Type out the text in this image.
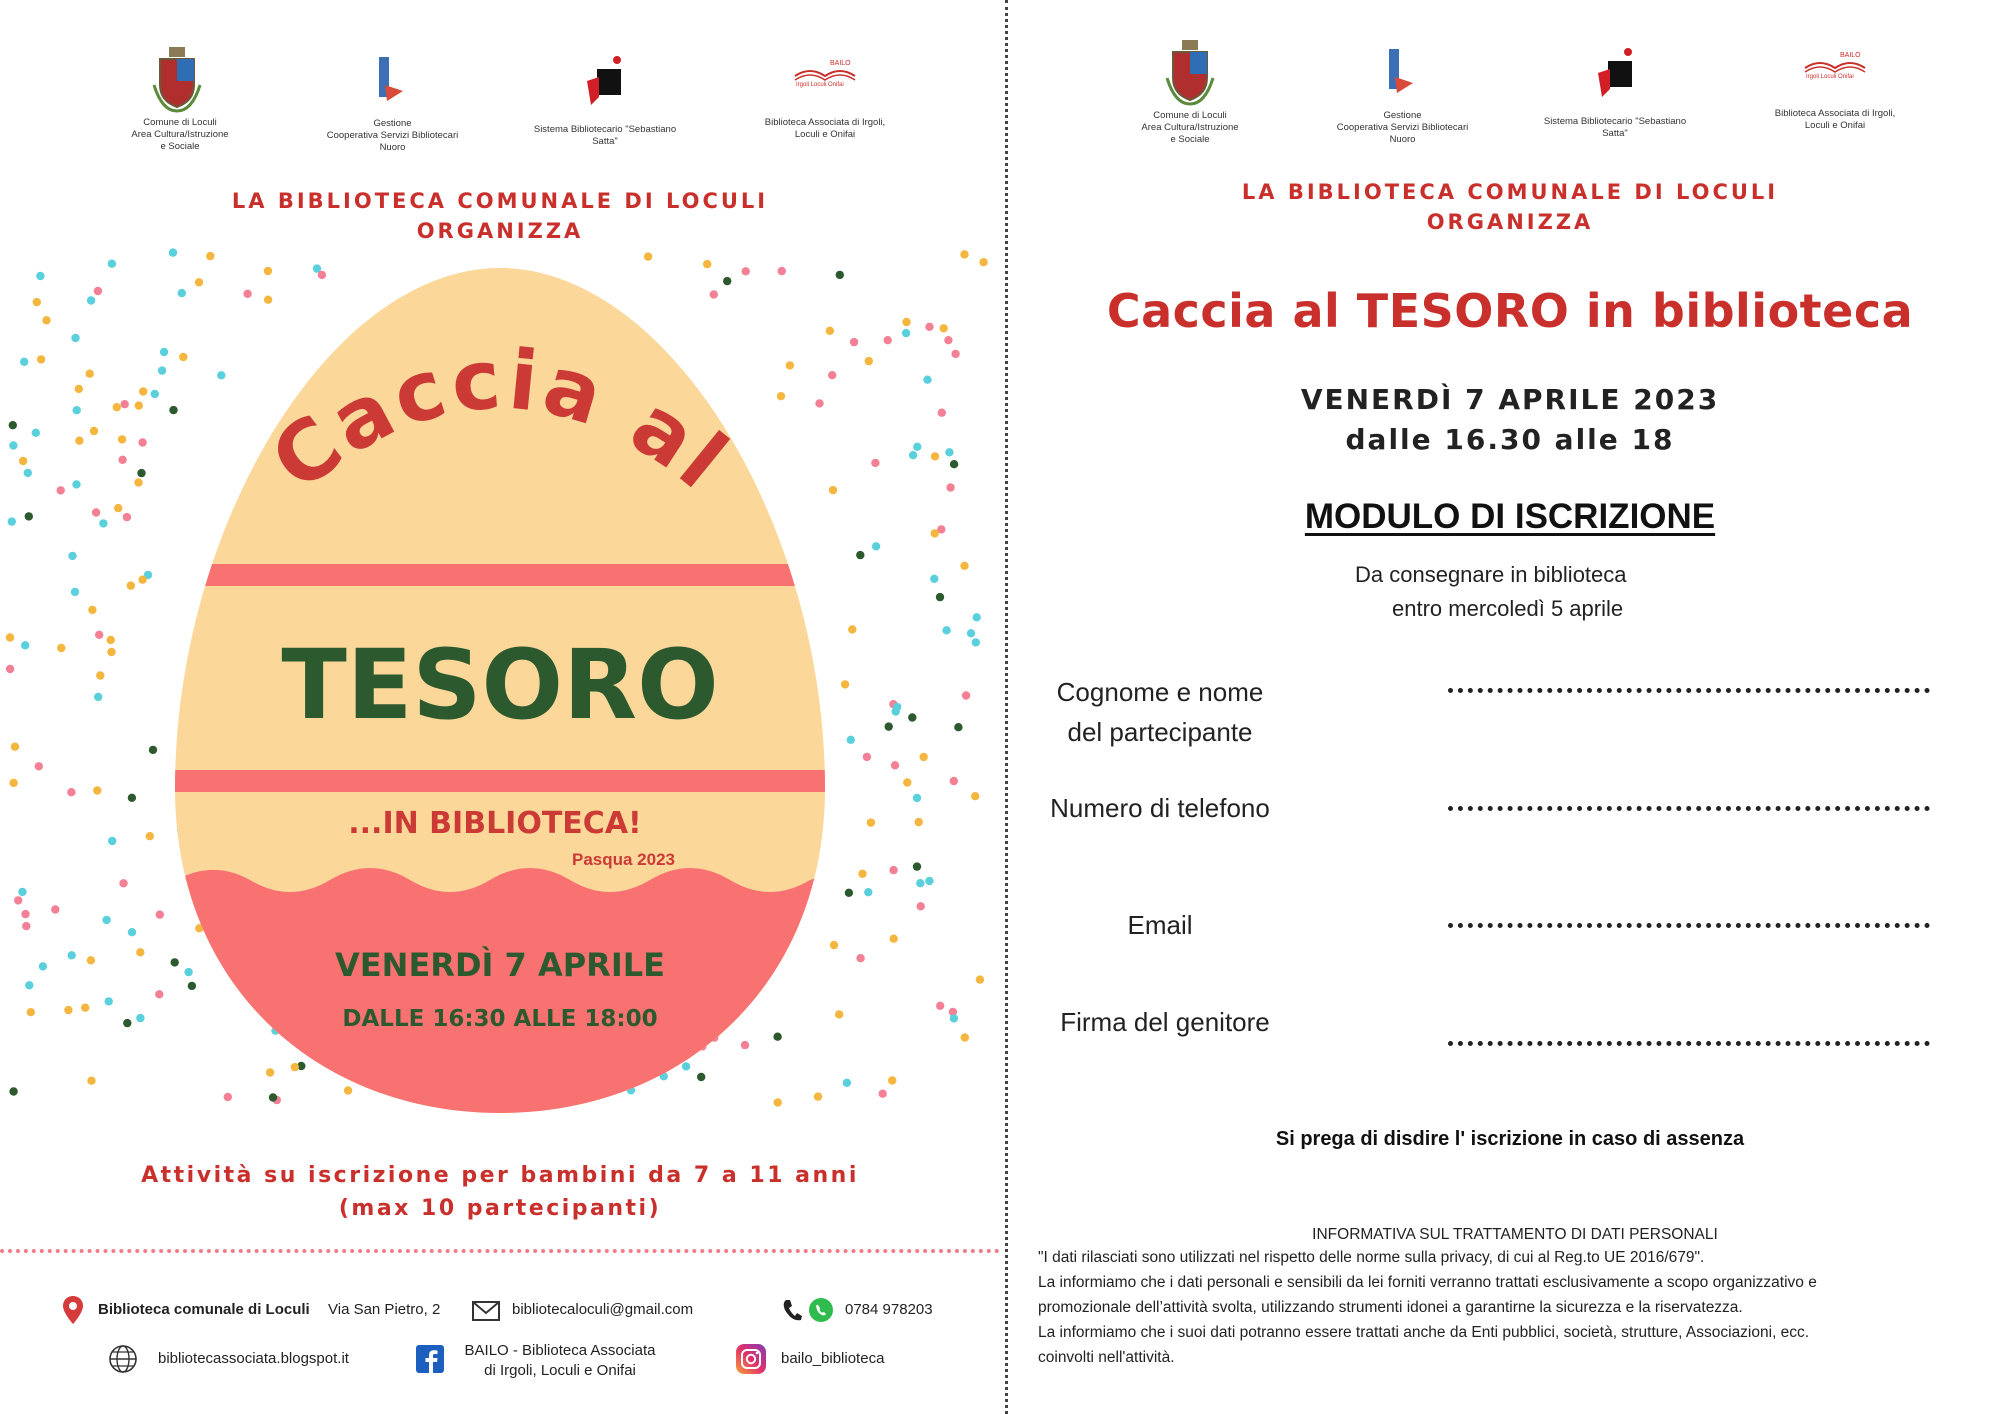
BAILO
Irgoli Loculi Onifai
Comune di Loculi
Area Cultura/Istruzione
e Sociale
Gestione
Cooperativa Servizi Bibliotecari
Nuoro
Sistema Bibliotecario "Sebastiano
Satta"
Biblioteca Associata di Irgoli,
Loculi e Onifai
LA BIBLIOTECA COMUNALE DI LOCULI
ORGANIZZA
Caccia al
TESORO
...IN BIBLIOTECA!
Pasqua 2023
VENERDÌ 7 APRILE
DALLE 16:30 ALLE 18:00
Attività su iscrizione per bambini da 7 a 11 anni
(max 10 partecipanti)
Biblioteca comunale di Loculi Via San Pietro, 2	bibliotecaloculi@gmail.com	0784 978203
bibliotecassociata.blogspot.it	BAILO - Biblioteca Associata
di Irgoli, Loculi e Onifai
bailo_biblioteca
BAILO
Irgoli Loculi Onifai
Comune di Loculi
Area Cultura/Istruzione
e Sociale
Gestione
Cooperativa Servizi Bibliotecari
Nuoro
Sistema Bibliotecario "Sebastiano
Satta"
Biblioteca Associata di Irgoli,
Loculi e Onifai
LA BIBLIOTECA COMUNALE DI LOCULI
ORGANIZZA
Caccia al TESORO in biblioteca
VENERDÌ 7 APRILE 2023
dalle 16.30 alle 18
MODULO DI ISCRIZIONE
Da consegnare in biblioteca
entro mercoledì 5 aprile
Cognome e nome
del partecipante
Numero di telefono
Email
Firma del genitore
Si prega di disdire l' iscrizione in caso di assenza
INFORMATIVA SUL TRATTAMENTO DI DATI PERSONALI
"I dati rilasciati sono utilizzati nel rispetto delle norme sulla privacy, di cui al Reg.to UE 2016/679".
La informiamo che i dati personali e sensibili da lei forniti verranno trattati esclusivamente a scopo organizzativo e
promozionale dell’attività svolta, utilizzando strumenti idonei a garantirne la sicurezza e la riservatezza.
La informiamo che i suoi dati potranno essere trattati anche da Enti pubblici, società, strutture, Associazioni, ecc.
coinvolti nell'attività.
